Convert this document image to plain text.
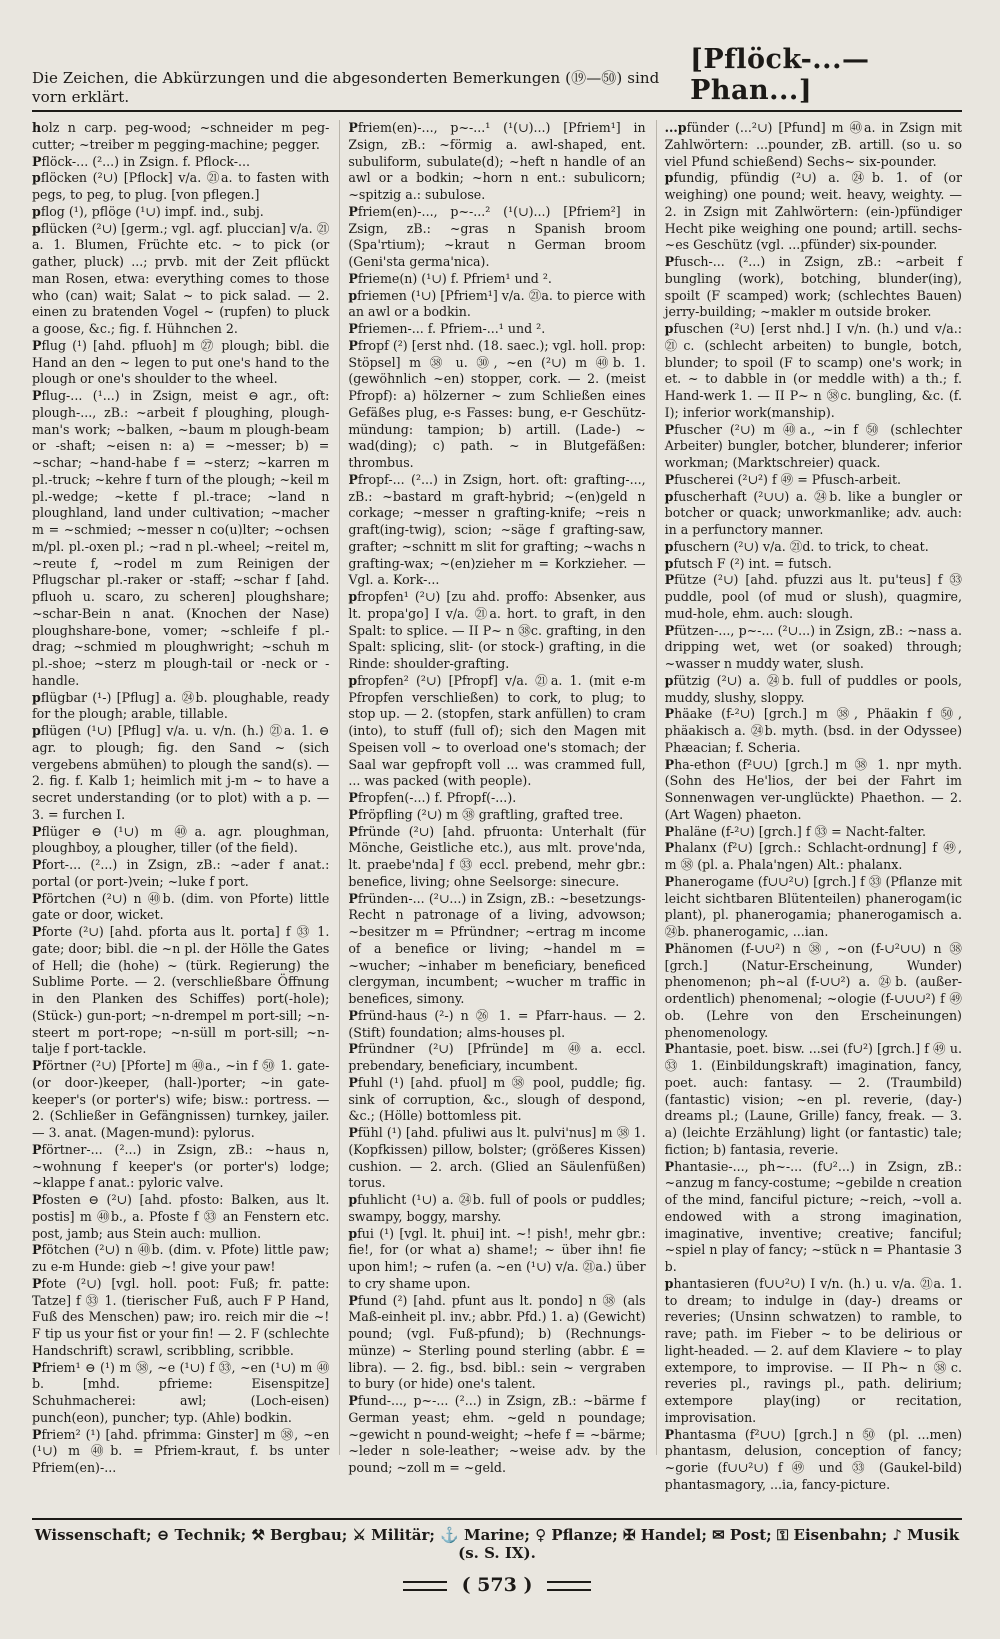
Die Zeichen, die Abkürzungen und die abgesonderten Bemerkungen (⑲—㊿) sind vorn erklärt.
[Pflöck-...—Phan...]

holz n carp. peg-wood; ~schneider m peg-cutter; ~treiber m pegging-machine; pegger.

Pflöck-... (²...) in Zsign. f. Pflock-...

pflöcken (²∪) [Pflock] v/a. ㉑a. to fasten with pegs, to peg, to plug. [von pflegen.]

pflog (¹), pflöge (¹∪) impf. ind., subj.

pflücken (²∪) [germ.; vgl. agf. pluccian] v/a. ㉑a. 1. Blumen, Früchte etc. ~ to pick (or gather, pluck) ...; prvb. mit der Zeit pflückt man Rosen, etwa: everything comes to those who (can) wait; Salat ~ to pick salad. — 2. einen zu bratenden Vogel ~ (rupfen) to pluck a goose, &c.; fig. f. Hühnchen 2.

Pflug (¹) [ahd. pfluoh] m ㉗ plough; bibl. die Hand an den ~ legen to put one's hand to the plough or one's shoulder to the wheel.

Pflug-... (¹...) in Zsign, meist ⊖ agr., oft: plough-..., zB.: ~arbeit f ploughing, plough-man's work; ~balken, ~baum m plough-beam or -shaft; ~eisen n: a) = ~messer; b) = ~schar; ~hand-habe f = ~sterz; ~karren m pl.-truck; ~kehre f turn of the plough; ~keil m pl.-wedge; ~kette f pl.-trace; ~land n ploughland, land under cultivation; ~macher m = ~schmied; ~messer n co(u)lter; ~ochsen m/pl. pl.-oxen pl.; ~rad n pl.-wheel; ~reitel m, ~reute f, ~rodel m zum Reinigen der Pflugschar pl.-raker or -staff; ~schar f [ahd. pfluoh u. scaro, zu scheren] ploughshare; ~schar-Bein n anat. (Knochen der Nase) ploughshare-bone, vomer; ~schleife f pl.-drag; ~schmied m ploughwright; ~schuh m pl.-shoe; ~sterz m plough-tail or -neck or -handle.

pflügbar (¹-) [Pflug] a. ㉔b. ploughable, ready for the plough; arable, tillable.

pflügen (¹∪) [Pflug] v/a. u. v/n. (h.) ㉑a. 1. ⊖ agr. to plough; fig. den Sand ~ (sich vergebens abmühen) to plough the sand(s). — 2. fig. f. Kalb 1; heimlich mit j-m ~ to have a secret understanding (or to plot) with a p. — 3. = furchen I.

Pflüger ⊖ (¹∪) m ㊵a. agr. ploughman, ploughboy, a plougher, tiller (of the field).

Pfort-... (²...) in Zsign, zB.: ~ader f anat.: portal (or port-)vein; ~luke f port.

Pförtchen (²∪) n ㊵b. (dim. von Pforte) little gate or door, wicket.

Pforte (²∪) [ahd. pforta aus lt. porta] f ㉝ 1. gate; door; bibl. die ~n pl. der Hölle the Gates of Hell; die (hohe) ~ (türk. Regierung) the Sublime Porte. — 2. (verschließbare Öffnung in den Planken des Schiffes) port(-hole); (Stück-) gun-port; ~n-drempel m port-sill; ~n-steert m port-rope; ~n-süll m port-sill; ~n-talje f port-tackle.

Pförtner (²∪) [Pforte] m ㊵a., ~in f ㊿ 1. gate- (or door-)keeper, (hall-)porter; ~in gate-keeper's (or porter's) wife; bisw.: portress. — 2. (Schließer in Gefängnissen) turnkey, jailer. — 3. anat. (Magen-mund): pylorus.

Pförtner-... (²...) in Zsign, zB.: ~haus n, ~wohnung f keeper's (or porter's) lodge; ~klappe f anat.: pyloric valve.

Pfosten ⊖ (²∪) [ahd. pfosto: Balken, aus lt. postis] m ㊵b., a. Pfoste f ㉝ an Fenstern etc. post, jamb; aus Stein auch: mullion.

Pfötchen (²∪) n ㊵b. (dim. v. Pfote) little paw; zu e-m Hunde: gieb ~! give your paw!

Pfote (²∪) [vgl. holl. poot: Fuß; fr. patte: Tatze] f ㉝ 1. (tierischer Fuß, auch F P Hand, Fuß des Menschen) paw; iro. reich mir die ~! F tip us your fist or your fin! — 2. F (schlechte Handschrift) scrawl, scribbling, scribble.

Pfriem¹ ⊖ (¹) m ㊳, ~e (¹∪) f ㉝, ~en (¹∪) m ㊵b. [mhd. pfrieme: Eisenspitze] Schuhmacherei: awl; (Loch-eisen) punch(eon), puncher; typ. (Ahle) bodkin.

Pfriem² (¹) [ahd. pfrimma: Ginster] m ㊳, ~en (¹∪) m ㊵b. = Pfriem-kraut, f. bs unter Pfriem(en)-...

Pfriem(en)-..., p~-...¹ (¹(∪)...) [Pfriem¹] in Zsign, zB.: ~förmig a. awl-shaped, ent. subuliform, subulate(d); ~heft n handle of an awl or a bodkin; ~horn n ent.: subulicorn; ~spitzig a.: subulose.

Pfriem(en)-..., p~-...² (¹(∪)...) [Pfriem²] in Zsign, zB.: ~gras n Spanish broom (Spa'rtium); ~kraut n German broom (Geni'sta germa'nica).

Pfrieme(n) (¹∪) f. Pfriem¹ und ².

pfriemen (¹∪) [Pfriem¹] v/a. ㉑a. to pierce with an awl or a bodkin.

Pfriemen-... f. Pfriem-...¹ und ².

Pfropf (²) [erst nhd. (18. saec.); vgl. holl. prop: Stöpsel] m ㊳ u. ㉚, ~en (²∪) m ㊵b. 1. (gewöhnlich ~en) stopper, cork. — 2. (meist Pfropf): a) hölzerner ~ zum Schließen eines Gefäßes plug, e-s Fasses: bung, e-r Geschütz-mündung: tampion; b) artill. (Lade-) ~ wad(ding); c) path. ~ in Blutgefäßen: thrombus.

Pfropf-... (²...) in Zsign, hort. oft: grafting-..., zB.: ~bastard m graft-hybrid; ~(en)geld n corkage; ~messer n grafting-knife; ~reis n graft(ing-twig), scion; ~säge f grafting-saw, grafter; ~schnitt m slit for grafting; ~wachs n grafting-wax; ~(en)zieher m = Korkzieher. — Vgl. a. Kork-...

pfropfen¹ (²∪) [zu ahd. proffo: Absenker, aus lt. propa'go] I v/a. ㉑a. hort. to graft, in den Spalt: to splice. — II P~ n ㊳c. grafting, in den Spalt: splicing, slit- (or stock-) grafting, in die Rinde: shoulder-grafting.

pfropfen² (²∪) [Pfropf] v/a. ㉑a. 1. (mit e-m Pfropfen verschließen) to cork, to plug; to stop up. — 2. (stopfen, stark anfüllen) to cram (into), to stuff (full of); sich den Magen mit Speisen voll ~ to overload one's stomach; der Saal war gepfropft voll ... was crammed full, ... was packed (with people).

Pfropfen(-...) f. Pfropf(-...).

Pfröpfling (²∪) m ㊳ graftling, grafted tree.

Pfründe (²∪) [ahd. pfruonta: Unterhalt (für Mönche, Geistliche etc.), aus mlt. prove'nda, lt. praebe'nda] f ㉝ eccl. prebend, mehr gbr.: benefice, living; ohne Seelsorge: sinecure.

Pfründen-... (²∪...) in Zsign, zB.: ~besetzungs-Recht n patronage of a living, advowson; ~besitzer m = Pfründner; ~ertrag m income of a benefice or living; ~handel m = ~wucher; ~inhaber m beneficiary, beneficed clergyman, incumbent; ~wucher m traffic in benefices, simony.

Pfründ-haus (²-) n ㉖ 1. = Pfarr-haus. — 2. (Stift) foundation; alms-houses pl.

Pfründner (²∪) [Pfründe] m ㊵a. eccl. prebendary, beneficiary, incumbent.

Pfuhl (¹) [ahd. pfuol] m ㊳ pool, puddle; fig. sink of corruption, &c., slough of despond, &c.; (Hölle) bottomless pit.

Pfühl (¹) [ahd. pfuliwi aus lt. pulvi'nus] m ㊳ 1. (Kopfkissen) pillow, bolster; (größeres Kissen) cushion. — 2. arch. (Glied an Säulenfüßen) torus.

pfuhlicht (¹∪) a. ㉔b. full of pools or puddles; swampy, boggy, marshy.

pfui (¹) [vgl. lt. phui] int. ~! pish!, mehr gbr.: fie!, for (or what a) shame!; ~ über ihn! fie upon him!; ~ rufen (a. ~en (¹∪) v/a. ㉑a.) über to cry shame upon.

Pfund (²) [ahd. pfunt aus lt. pondo] n ㊳ (als Maß-einheit pl. inv.; abbr. Pfd.) 1. a) (Gewicht) pound; (vgl. Fuß-pfund); b) (Rechnungs-münze) ~ Sterling pound sterling (abbr. £ = libra). — 2. fig., bsd. bibl.: sein ~ vergraben to bury (or hide) one's talent.

Pfund-..., p~-... (²...) in Zsign, zB.: ~bärme f German yeast; ehm. ~geld n poundage; ~gewicht n pound-weight; ~hefe f = ~bärme; ~leder n sole-leather; ~weise adv. by the pound; ~zoll m = ~geld.

...pfünder (...²∪) [Pfund] m ㊵a. in Zsign mit Zahlwörtern: ...pounder, zB. artill. (so u. so viel Pfund schießend) Sechs~ six-pounder.

pfundig, pfündig (²∪) a. ㉔b. 1. of (or weighing) one pound; weit. heavy, weighty. — 2. in Zsign mit Zahlwörtern: (ein-)pfündiger Hecht pike weighing one pound; artill. sechs-~es Geschütz (vgl. ...pfünder) six-pounder.

Pfusch-... (²...) in Zsign, zB.: ~arbeit f bungling (work), botching, blunder(ing), spoilt (F scamped) work; (schlechtes Bauen) jerry-building; ~makler m outside broker.

pfuschen (²∪) [erst nhd.] I v/n. (h.) und v/a.: ㉑c. (schlecht arbeiten) to bungle, botch, blunder; to spoil (F to scamp) one's work; in et. ~ to dabble in (or meddle with) a th.; f. Hand-werk 1. — II P~ n ㊳c. bungling, &c. (f. I); inferior work(manship).

Pfuscher (²∪) m ㊵a., ~in f ㊿ (schlechter Arbeiter) bungler, botcher, blunderer; inferior workman; (Marktschreier) quack.

Pfuscherei (²∪²) f ㊾ = Pfusch-arbeit.

pfuscherhaft (²∪∪) a. ㉔b. like a bungler or botcher or quack; unworkmanlike; adv. auch: in a perfunctory manner.

pfuschern (²∪) v/a. ㉑d. to trick, to cheat.

pfutsch F (²) int. = futsch.

Pfütze (²∪) [ahd. pfuzzi aus lt. pu'teus] f ㉝ puddle, pool (of mud or slush), quagmire, mud-hole, ehm. auch: slough.

Pfützen-..., p~-... (²∪...) in Zsign, zB.: ~nass a. dripping wet, wet (or soaked) through; ~wasser n muddy water, slush.

pfützig (²∪) a. ㉔b. full of puddles or pools, muddy, slushy, sloppy.

Phäake (f-²∪) [grch.] m ㊳, Phäakin f ㊿, phäakisch a. ㉔b. myth. (bsd. in der Odyssee) Phæacian; f. Scheria.

Pha-ethon (f²∪∪) [grch.] m ㊳ 1. npr myth. (Sohn des He'lios, der bei der Fahrt im Sonnenwagen ver-unglückte) Phaethon. — 2. (Art Wagen) phaeton.

Phaläne (f-²∪) [grch.] f ㉝ = Nacht-falter.

Phalanx (f²∪) [grch.: Schlacht-ordnung] f ㊾, m ㊳ (pl. a. Phala'ngen) Alt.: phalanx.

Phanerogame (f∪∪²∪) [grch.] f ㉝ (Pflanze mit leicht sichtbaren Blütenteilen) phanerogam(ic plant), pl. phanerogamia; phanerogamisch a. ㉔b. phanerogamic, ...ian.

Phänomen (f-∪∪²) n ㊳, ~on (f-∪²∪∪) n ㊳ [grch.] (Natur-Erscheinung, Wunder) phenomenon; ph~al (f-∪∪²) a. ㉔b. (außer-ordentlich) phenomenal; ~ologie (f-∪∪∪²) f ㊾ ob. (Lehre von den Erscheinungen) phenomenology.

Phantasie, poet. bisw. ...sei (f∪²) [grch.] f ㊾ u. ㉝ 1. (Einbildungskraft) imagination, fancy, poet. auch: fantasy. — 2. (Traumbild) (fantastic) vision; ~en pl. reverie, (day-) dreams pl.; (Laune, Grille) fancy, freak. — 3. a) (leichte Erzählung) light (or fantastic) tale; fiction; b) fantasia, reverie.

Phantasie-..., ph~-... (f∪²...) in Zsign, zB.: ~anzug m fancy-costume; ~gebilde n creation of the mind, fanciful picture; ~reich, ~voll a. endowed with a strong imagination, imaginative, inventive; creative; fanciful; ~spiel n play of fancy; ~stück n = Phantasie 3 b.

phantasieren (f∪∪²∪) I v/n. (h.) u. v/a. ㉑a. 1. to dream; to indulge in (day-) dreams or reveries; (Unsinn schwatzen) to ramble, to rave; path. im Fieber ~ to be delirious or light-headed. — 2. auf dem Klaviere ~ to play extempore, to improvise. — II Ph~ n ㊳c. reveries pl., ravings pl., path. delirium; extempore play(ing) or recitation, improvisation.

Phantasma (f²∪∪) [grch.] n ㊿ (pl. ...men) phantasm, delusion, conception of fancy; ~gorie (f∪∪²∪) f ㊾ und ㉝ (Gaukel-bild) phantasmagory, ...ia, fancy-picture.

Wissenschaft; ⊖ Technik; ⚒ Bergbau; ⚔ Militär; ⚓ Marine; ♀ Pflanze; ✠ Handel; ✉ Post; ⚿ Eisenbahn; ♪ Musik (s. S. IX).
( 573 )
